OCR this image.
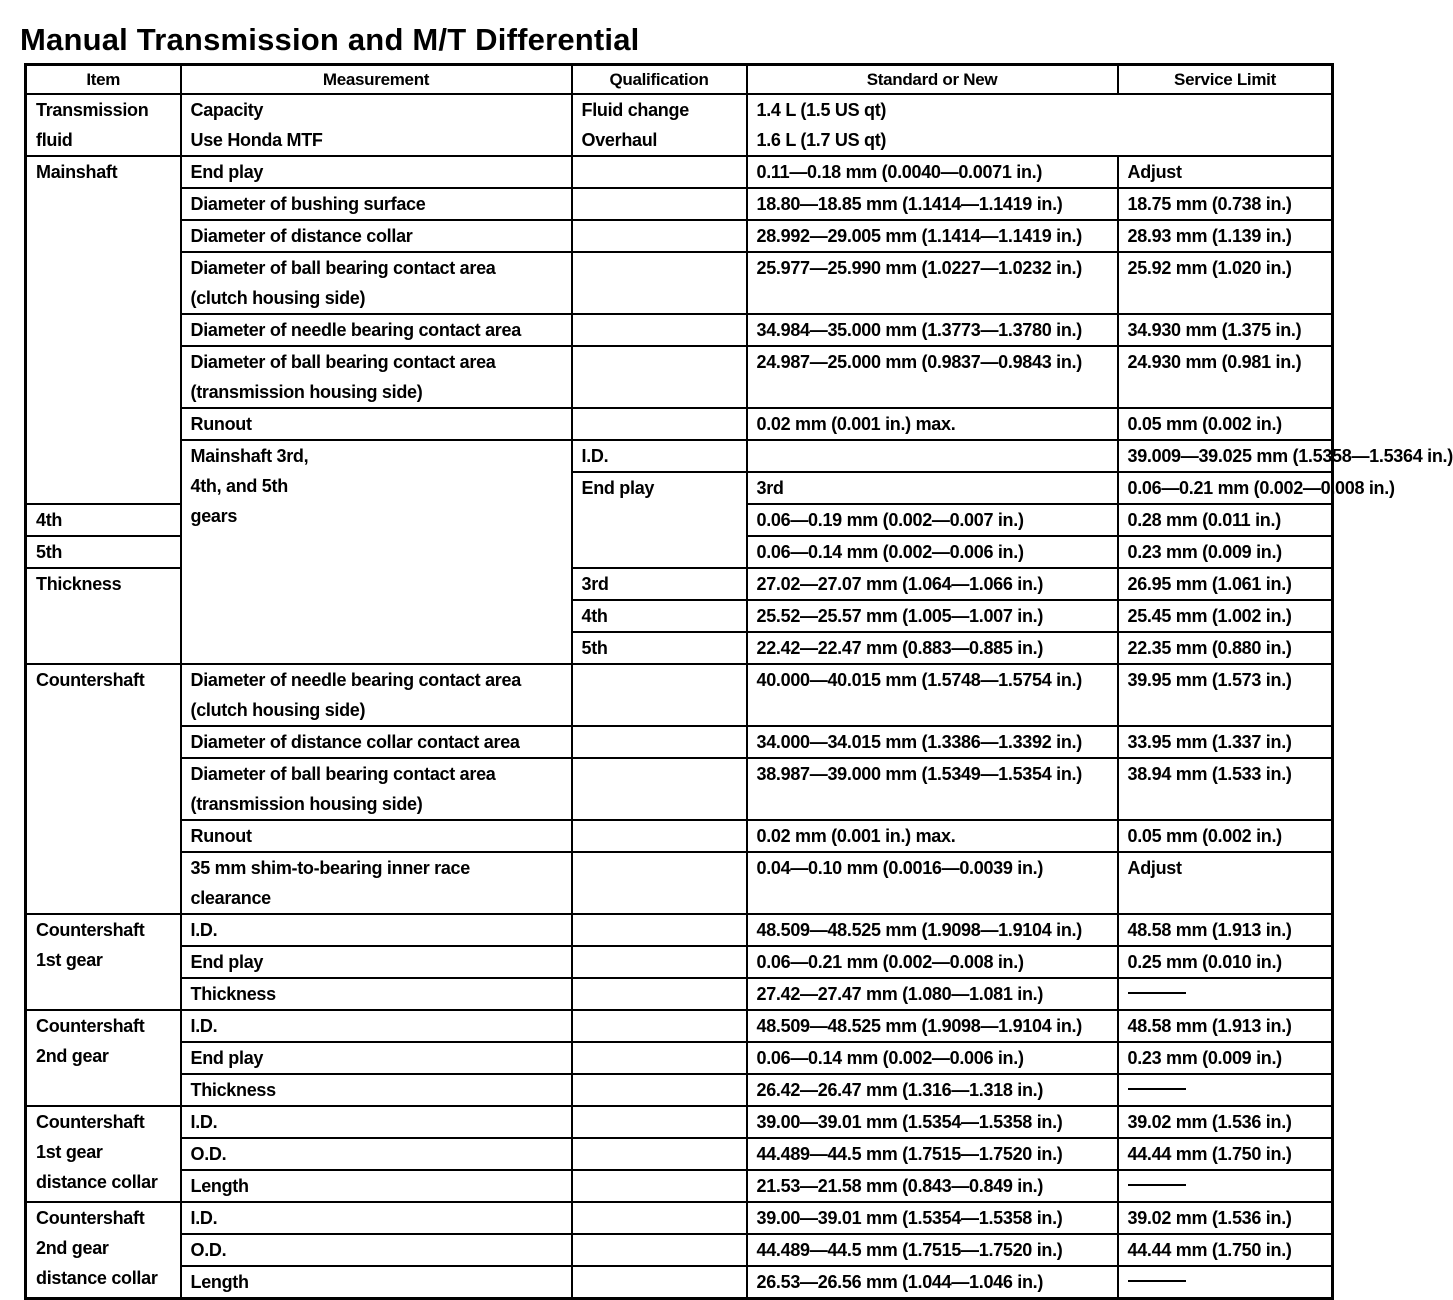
Manual Transmission and M/T Differential
Item	Measurement	Qualification	Standard or New	Service Limit	
Transmission	Capacity	Fluid change	1.4 L (1.5 US qt)		
fluid	Use Honda MTF	Overhaul	1.6 L (1.7 US qt)		
Mainshaft	End play		0.11—0.18 mm (0.0040—0.0071 in.)	Adjust	
	Diameter of bushing surface		18.80—18.85 mm (1.1414—1.1419 in.)	18.75 mm (0.738 in.)	
	Diameter of distance collar		28.992—29.005 mm (1.1414—1.1419 in.)	28.93 mm (1.139 in.)	
	Diameter of ball bearing contact area
(clutch housing side)		25.977—25.990 mm (1.0227—1.0232 in.)	25.92 mm (1.020 in.)	
	Diameter of needle bearing contact area		34.984—35.000 mm (1.3773—1.3780 in.)	34.930 mm (1.375 in.)	
	Diameter of ball bearing contact area
(transmission housing side)		24.987—25.000 mm (0.9837—0.9843 in.)	24.930 mm (0.981 in.)	
	Runout		0.02 mm (0.001 in.) max.	0.05 mm (0.002 in.)	
	Mainshaft 3rd,
4th, and 5th
gears	I.D.		39.009—39.025 mm (1.5358—1.5364 in.)	
		End play	3rd	0.06—0.21 mm (0.002—0.008 in.)	
4th			0.06—0.19 mm (0.002—0.007 in.)	0.28 mm (0.011 in.)	
5th			0.06—0.14 mm (0.002—0.006 in.)	0.23 mm (0.009 in.)	
Thickness		3rd	27.02—27.07 mm (1.064—1.066 in.)	26.95 mm (1.061 in.)	
		4th	25.52—25.57 mm (1.005—1.007 in.)	25.45 mm (1.002 in.)	
		5th	22.42—22.47 mm (0.883—0.885 in.)	22.35 mm (0.880 in.)	
Countershaft	Diameter of needle bearing contact area
(clutch housing side)		40.000—40.015 mm (1.5748—1.5754 in.)	39.95 mm (1.573 in.)	
	Diameter of distance collar contact area		34.000—34.015 mm (1.3386—1.3392 in.)	33.95 mm (1.337 in.)	
	Diameter of ball bearing contact area
(transmission housing side)		38.987—39.000 mm (1.5349—1.5354 in.)	38.94 mm (1.533 in.)	
	Runout		0.02 mm (0.001 in.) max.	0.05 mm (0.002 in.)	
	35 mm shim-to-bearing inner race
clearance		0.04—0.10 mm (0.0016—0.0039 in.)	Adjust	
Countershaft
1st gear	I.D.		48.509—48.525 mm (1.9098—1.9104 in.)	48.58 mm (1.913 in.)	
	End play		0.06—0.21 mm (0.002—0.008 in.)	0.25 mm (0.010 in.)	
	Thickness		27.42—27.47 mm (1.080—1.081 in.)		
Countershaft
2nd gear	I.D.		48.509—48.525 mm (1.9098—1.9104 in.)	48.58 mm (1.913 in.)	
	End play		0.06—0.14 mm (0.002—0.006 in.)	0.23 mm (0.009 in.)	
	Thickness		26.42—26.47 mm (1.316—1.318 in.)		
Countershaft
1st gear
distance collar	I.D.		39.00—39.01 mm (1.5354—1.5358 in.)	39.02 mm (1.536 in.)	
	O.D.		44.489—44.5 mm (1.7515—1.7520 in.)	44.44 mm (1.750 in.)	
	Length		21.53—21.58 mm (0.843—0.849 in.)		
Countershaft
2nd gear
distance collar	I.D.		39.00—39.01 mm (1.5354—1.5358 in.)	39.02 mm (1.536 in.)	
	O.D.		44.489—44.5 mm (1.7515—1.7520 in.)	44.44 mm (1.750 in.)	
	Length		26.53—26.56 mm (1.044—1.046 in.)		
